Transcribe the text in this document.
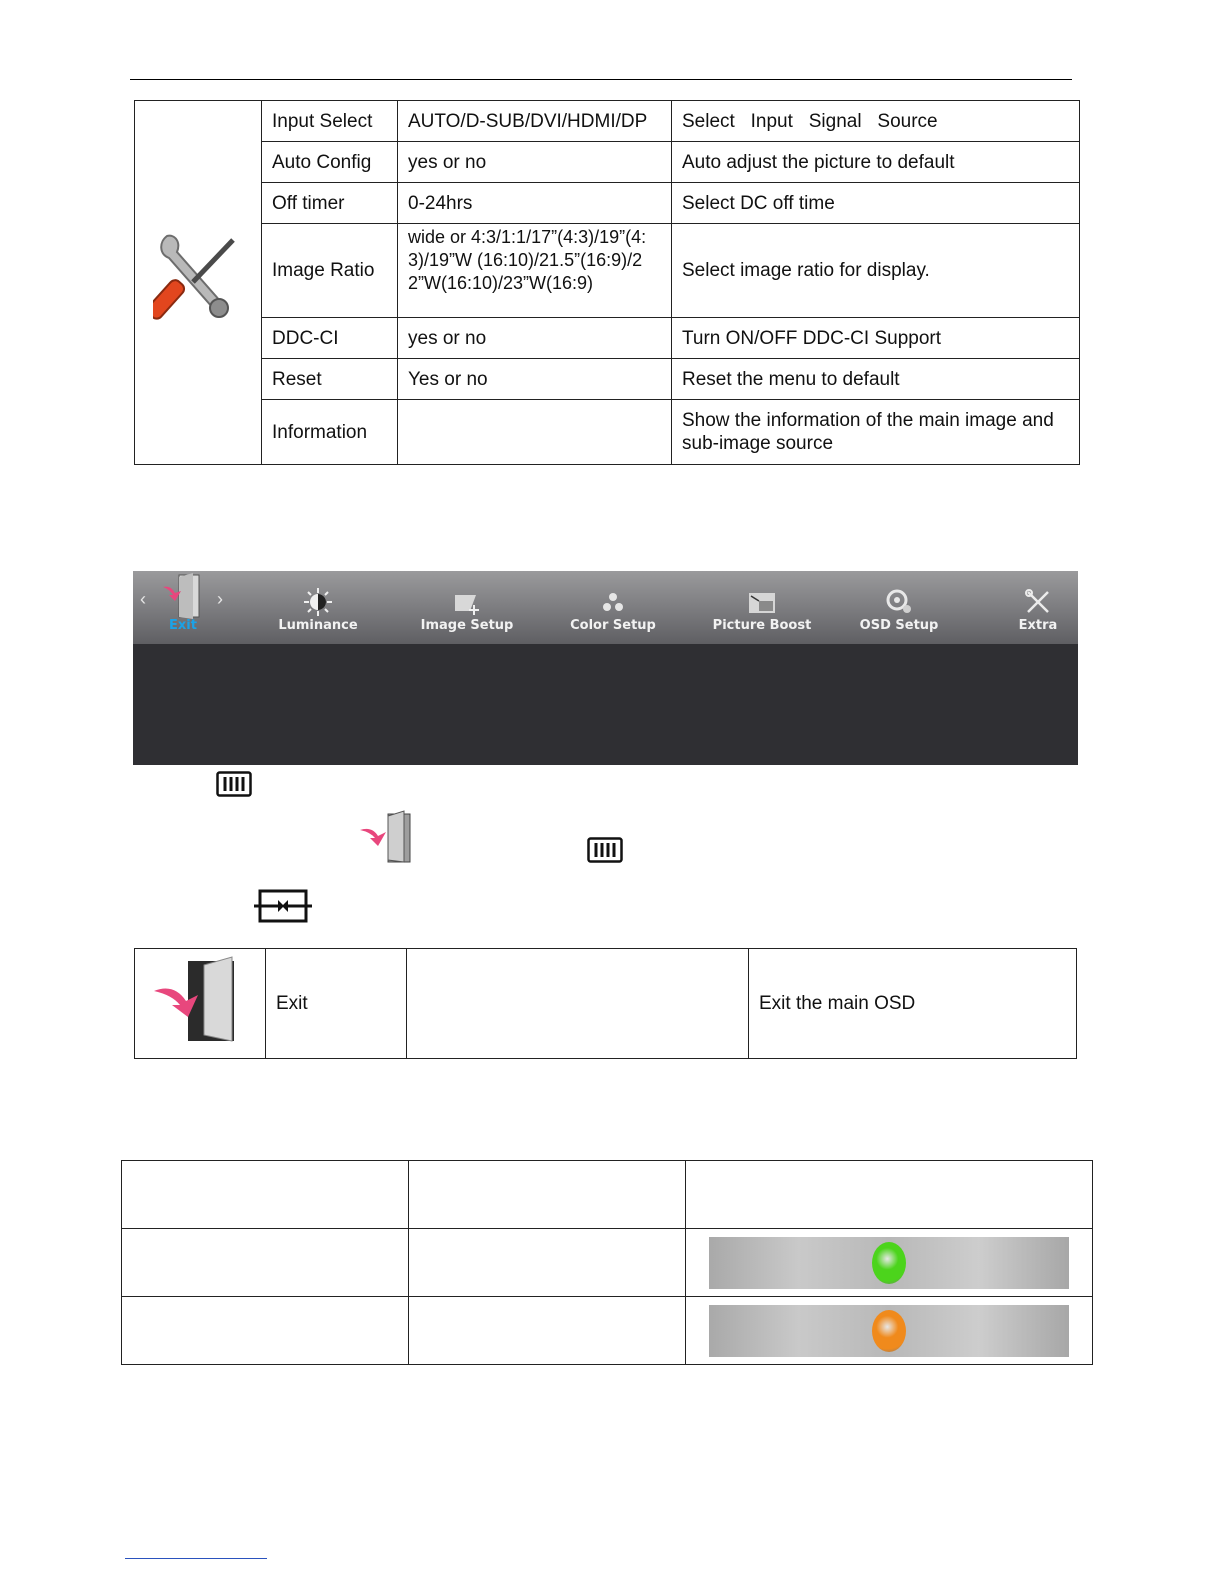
	Input Select	AUTO/D-SUB/DVI/HDMI/DP	Select   Input   Signal   Source
	Auto Config	yes or no	Auto adjust the picture to default
	Off timer	0-24hrs	Select DC off time
	Image Ratio	wide or 4:3/1:1/17”(4:3)/19”(4:3)/19”W (16:10)/21.5”(16:9)/22”W(16:10)/23”W(16:9)	Select image ratio for display.
	DDC-CI	yes or no	Turn ON/OFF DDC-CI Support
	Reset	Yes or no	Reset the menu to default
	Information		Show the information of the main image and sub-image source
‹	›
Exit	Luminance	Image Setup	Color Setup	Picture Boost	OSD Setup	Extra
	Exit		Exit the main OSD
